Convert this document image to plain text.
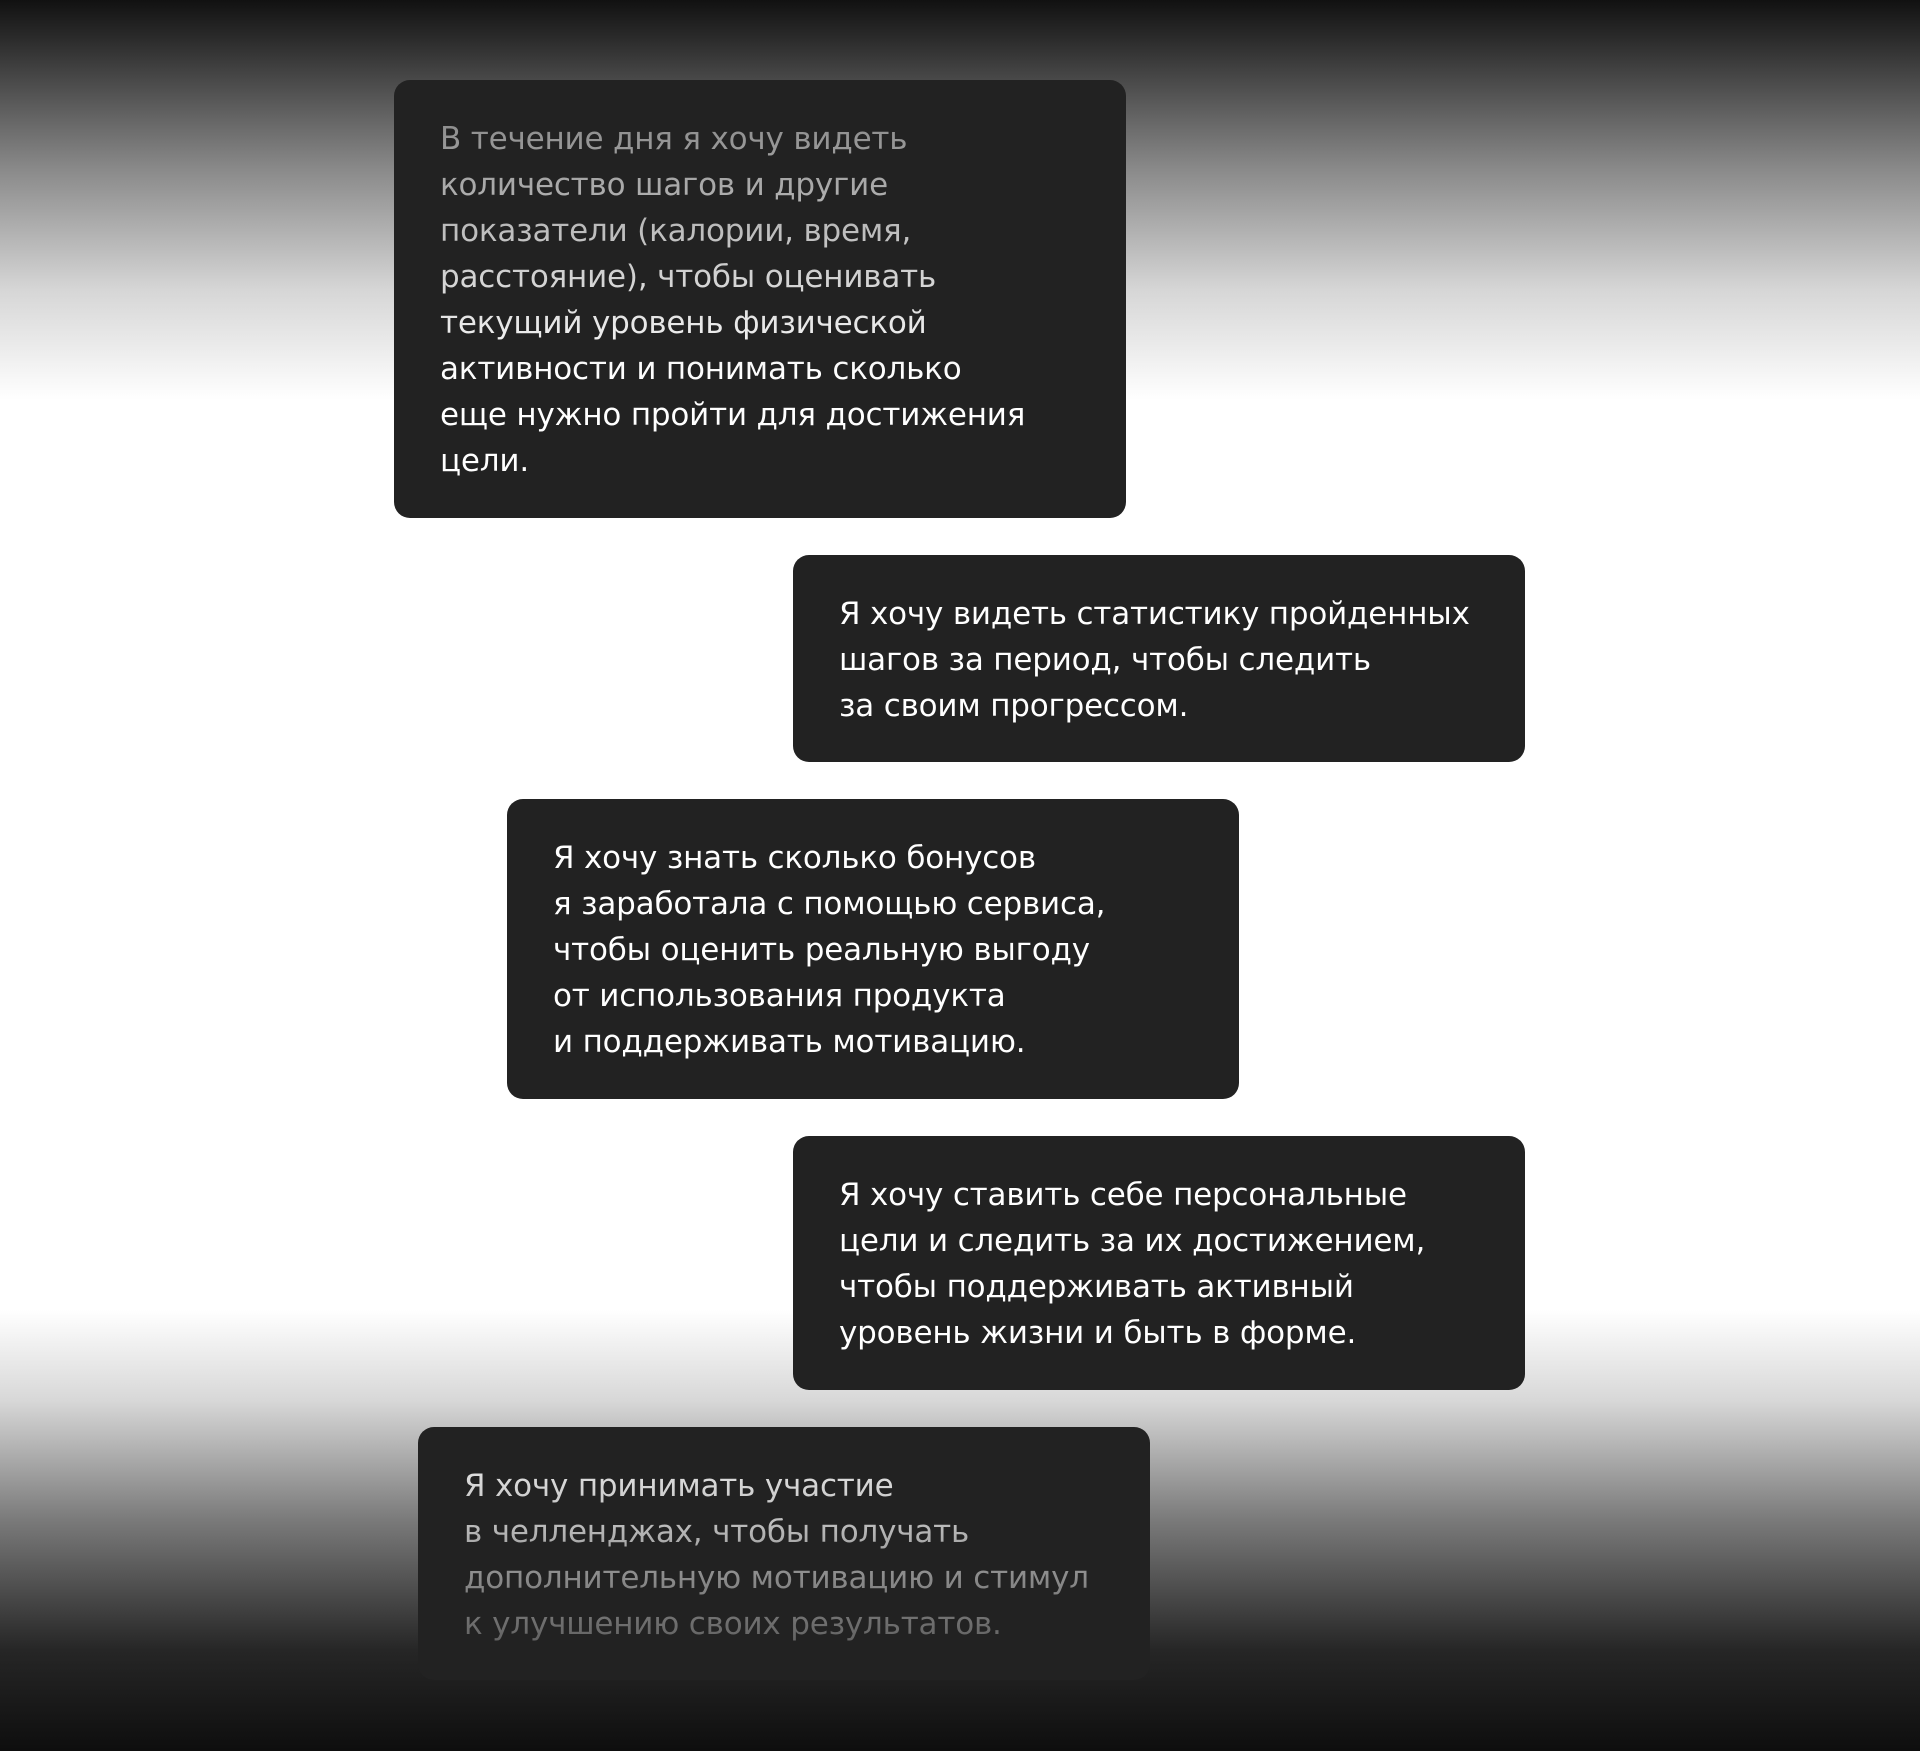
В течение дня я хочу видеть
количество шагов и другие
показатели (калории, время,
расстояние), чтобы оценивать
текущий уровень физической
активности и понимать сколько
еще нужно пройти для достижения
цели.

Я хочу видеть статистику пройденных
шагов за период, чтобы следить
за своим прогрессом.

Я хочу знать сколько бонусов
я заработала с помощью сервиса,
чтобы оценить реальную выгоду
от использования продукта
и поддерживать мотивацию.

Я хочу ставить себе персональные
цели и следить за их достижением,
чтобы поддерживать активный
уровень жизни и быть в форме.

Я хочу принимать участие
в челленджах, чтобы получать
дополнительную мотивацию и стимул
к улучшению своих результатов.
